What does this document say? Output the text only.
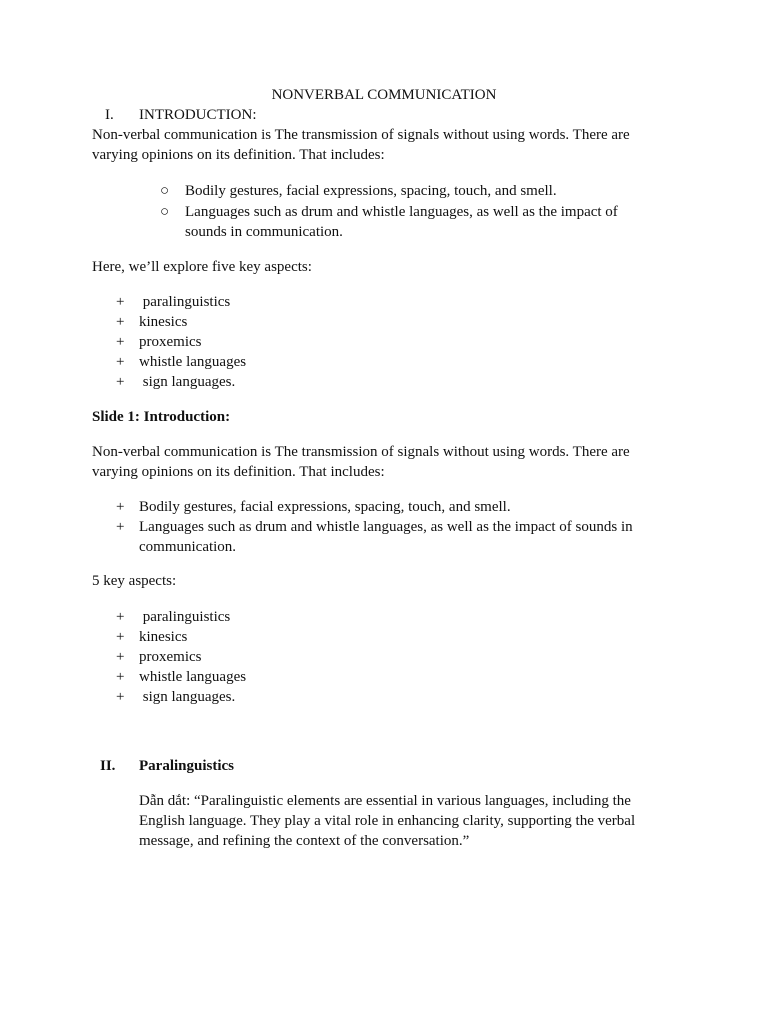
NONVERBAL COMMUNICATION
I. INTRODUCTION:
Non-verbal communication is The transmission of signals without using words. There are varying opinions on its definition. That includes:
○ Bodily gestures, facial expressions, spacing, touch, and smell.
○ Languages such as drum and whistle languages, as well as the impact of sounds in communication.
Here, we’ll explore five key aspects:
+ paralinguistics
+ kinesics
+ proxemics
+ whistle languages
+ sign languages.
Slide 1: Introduction:
Non-verbal communication is The transmission of signals without using words. There are varying opinions on its definition. That includes:
+ Bodily gestures, facial expressions, spacing, touch, and smell.
+ Languages such as drum and whistle languages, as well as the impact of sounds in communication.
5 key aspects:
+ paralinguistics
+ kinesics
+ proxemics
+ whistle languages
+ sign languages.
II. Paralinguistics
Dẫn dắt: “Paralinguistic elements are essential in various languages, including the English language. They play a vital role in enhancing clarity, supporting the verbal message, and refining the context of the conversation.”
